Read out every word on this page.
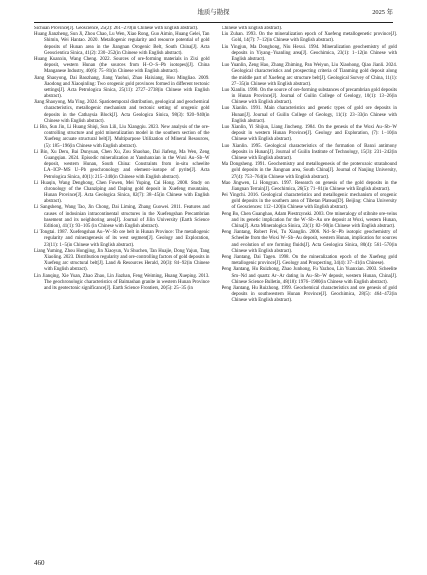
地质与勘探	2025 年

Sichuan Province[J]. Geoscience, 25(2): 261−270(in Chinese with English abstract).

Huang Jianzheng, Sun Ji, Zhou Chao, Lu Wen, Xiao Rong, Guo Aimin, Huang Gelei, Tan Shimin, Wei Hantao. 2020. Metallogenic regularity and resource potential of gold deposits of Hunan area in the Jiangnan Orogenic Belt, South China[J]. Acta Geoscientica Sinica, 41(2): 230−252(in Chinese with English abstract).

Huang Kuanxin, Wang Cheng. 2022. Sources of ore-forming materials in Zixi gold deposit, western Hunan (the sources from H−O−S−Pb isotopes)[J]. China Manganese Industry, 40(6): 75−81(in Chinese with English abstract).

Jiang Shaoyong, Dai Baozhang, Jiang Yaohui, Zhao Haixiang, Hou Mingliao. 2009. Jiaodong and Xiaoqinling: Two orogenic gold provinces formed in different tectonic settings[J]. Acta Petrologica Sinica, 25(11): 2727−2738(in Chinese with English abstract).

Jiang Shaoyong, Ma Ying. 2024. Spatiotemporal distribution, geological and geochemical characteristics, metallogenic mechanism and tectonic setting of orogenic gold deposits in the Cathaysia Block[J]. Acta Geologica Sinica, 98(3): 920−940(in Chinese with English abstract).

Li Bin, Sun Jin, Li Huang Shiqi, Sun Lili, Liu Xiangqiu. 2023. New analysis of the ore-controlling structure and gold mineralization model in the southern section of the Xuefeng arcuate structural belt[J]. Multipurpose Utilization of Mineral Resources, (5): 185−196(in Chinese with English abstract).

Li Bin, Xu Deru, Bai Dunyuan, Chen Xu, Zou Shaohao, Dai Jiafeng, Ma Wen, Zeng Guangqian. 2024. Episodic mineralization at Yanshanxian in the Wuxi Au−Sb−W deposit, western Hunan, South China: Constraints from in-situ scheelite LA−ICP−MS U−Pb geochronology and element−isotope of pyrite[J]. Acta Petrologica Sinica, 40(1): 215−240(in Chinese with English abstract).

Li Huaqin, Wang Denghong, Chen Fuwen, Mei Yuping, Cai Hong. 2008. Study on chronology of the Chanziping and Daping gold deposit in Xuefeng mountains, Hunan Province[J]. Acta Geologica Sinica, 82(7): 38−45(in Chinese with English abstract).

Li Sangsheng, Wang Tao, Jin Chong, Dai Liming, Zhang Guowei. 2011. Features and causes of indosinian intracontinental structures in the Xuefengshan Precambrian basement and its neighboring area[J]. Journal of Jilin University (Earth Science Edition), 41(1): 93−105 (in Chinese with English abstract).

Li Tongtai. 1987. Xuefengshan Au−W−Sb ore belt in Hunan Province: The metallogenic regularity and mineragenesis of its west segment[J]. Geology and Exploration, 23(11): 1−5(in Chinese with English abstract).

Liang Yuming, Zhou Hongjing, Jin Xiaoyun, Yu Shuchen, Tan Huajie, Dong Yajun, Tang Xiaoling. 2023. Distribution regularity and ore-controlling factors of gold deposits in Xuefeng arc structural belt[J]. Land & Resources Herald, 20(3): 84−92(in Chinese with English abstract).

Lin Jianqing, Xie Yuan, Zhao Zhao, Lin Jiazhan, Feng Weiming, Huang Xueping. 2013. The geochronologic characteristics of Baimashan granite in western Hunan Province and its geotectonic significance[J]. Earth Science Frontiers, 20(5): 25−35 (in

Chinese with English abstract).

Liu Zuhan. 1993. On the mineralization epoch of Xuefeng metallogenetic province[J]. Gold, 14(7): 7−12(in Chinese with English abstract).

Liu Yingjun, Ma Donghong, Niu Hexui. 1994. Mineralization geochemistry of gold deposits in Yiyang−Yuanling area[J]. Geochimica, 23(1): 1−12(in Chinese with English abstract).

Luo Yuanlin, Zeng Hao, Zhang Zhiming, Pan Weiyun, Liu Xiaohong, Qiao Jianli. 2024. Geological characteristics and prospecting criteria of Tianming gold deposit along the middle part of Xuefeng arc structure belt[J]. Geological Survey of China, 11(1): 27−35(in Chinese with English abstract).

Luo Xianlin. 1990. On the source of ore-forming substances of precambrian gold deposits in Hunan Province[J]. Journal of Guilin College of Geology, 10(1): 13−26(in Chinese with English abstract).

Luo Xianlin. 1991. Main characteristics and genetic types of gold ore deposits in Hunan[J]. Journal of Guilin College of Geology, 11(1): 23−33(in Chinese with English abstract).

Luo Xianlin, Yi Shijun, Liang Jincheng. 1984. On the genesis of the Woxi Au−Sb−W deposit in western Hunan Province[J]. Geology and Exploration, (7): 1−10(in Chinese with English abstract).

Luo Xianlin. 1995. Geological characteristics of the formation of Banxi antimony deposits in Hunan[J]. Journal of Guilin Institute of Technology, 15(3): 231−242(in Chinese with English abstract).

Ma Dongsheng. 1991. Geochemistry and metallogenesis of the proterozoic stratabound gold deposits in the Jiangnan area, South China[J]. Journal of Nanjing University, 27(4): 753−764(in Chinese with English abstract).

Mao Jingwen, Li Hongyan. 1997. Research on genesis of the gold deposits in the Jiangnan Terrain[J]. Geochimica, 26(5): 71−81(in Chinese with English abstract).

Pei Yingchi. 2016. Geological characteristics and metallogenic mechanism of orogenic gold deposits in the southern area of Tibetan Plateau[D]. Beijing: China University of Geosciences: 112−120(in Chinese with English abstract).

Peng Bo, Chen Guanghao, Adam Piestrzynski. 2003. Ore mineralogy of stibnite ore-veins and its genetic implication for the W−Sb−Au ore deposit at Woxi, western Hunan, China[J]. Acta Mineralogica Sinica, 23(1): 82−90(in Chinese with English abstract).

Peng Jiantang, Robert Frei, Tu Xianglin. 2006. Nd−Sr−Pb isotopic geochemistry of Scheelite from the Woxi W−Sb−Au deposit, western Hunan, implication for sources and evolution of ore forming fluids[J]. Acta Geologica Sinica, 80(4): 561−570(in Chinese with English abstract).

Peng Jiantang, Dai Tagen. 1998. On the mineralization epoch of the Xuefeng gold metallogenic province[J]. Geology and Prospecting, 34(4): 37−41(in Chinese).

Peng Jiantang, Hu Ruizhong, Zhao Junhong, Fu Yazhou, Lin Yuanxian. 2003. Scheelite Sm−Nd and quartz Ar−Ar dating in Au−Sb−W deposit, western Hunan, China[J]. Chinese Science Bulletin, 48(18): 1976−1980(in Chinese with English abstract).

Peng Jiantang, Hu Ruizhong. 1999. Geochemical characteristics and ore genesis of gold deposits in southwestern Hunan Province[J]. Geochimica, 28(5): 464−472(in Chinese with English abstract).

460
